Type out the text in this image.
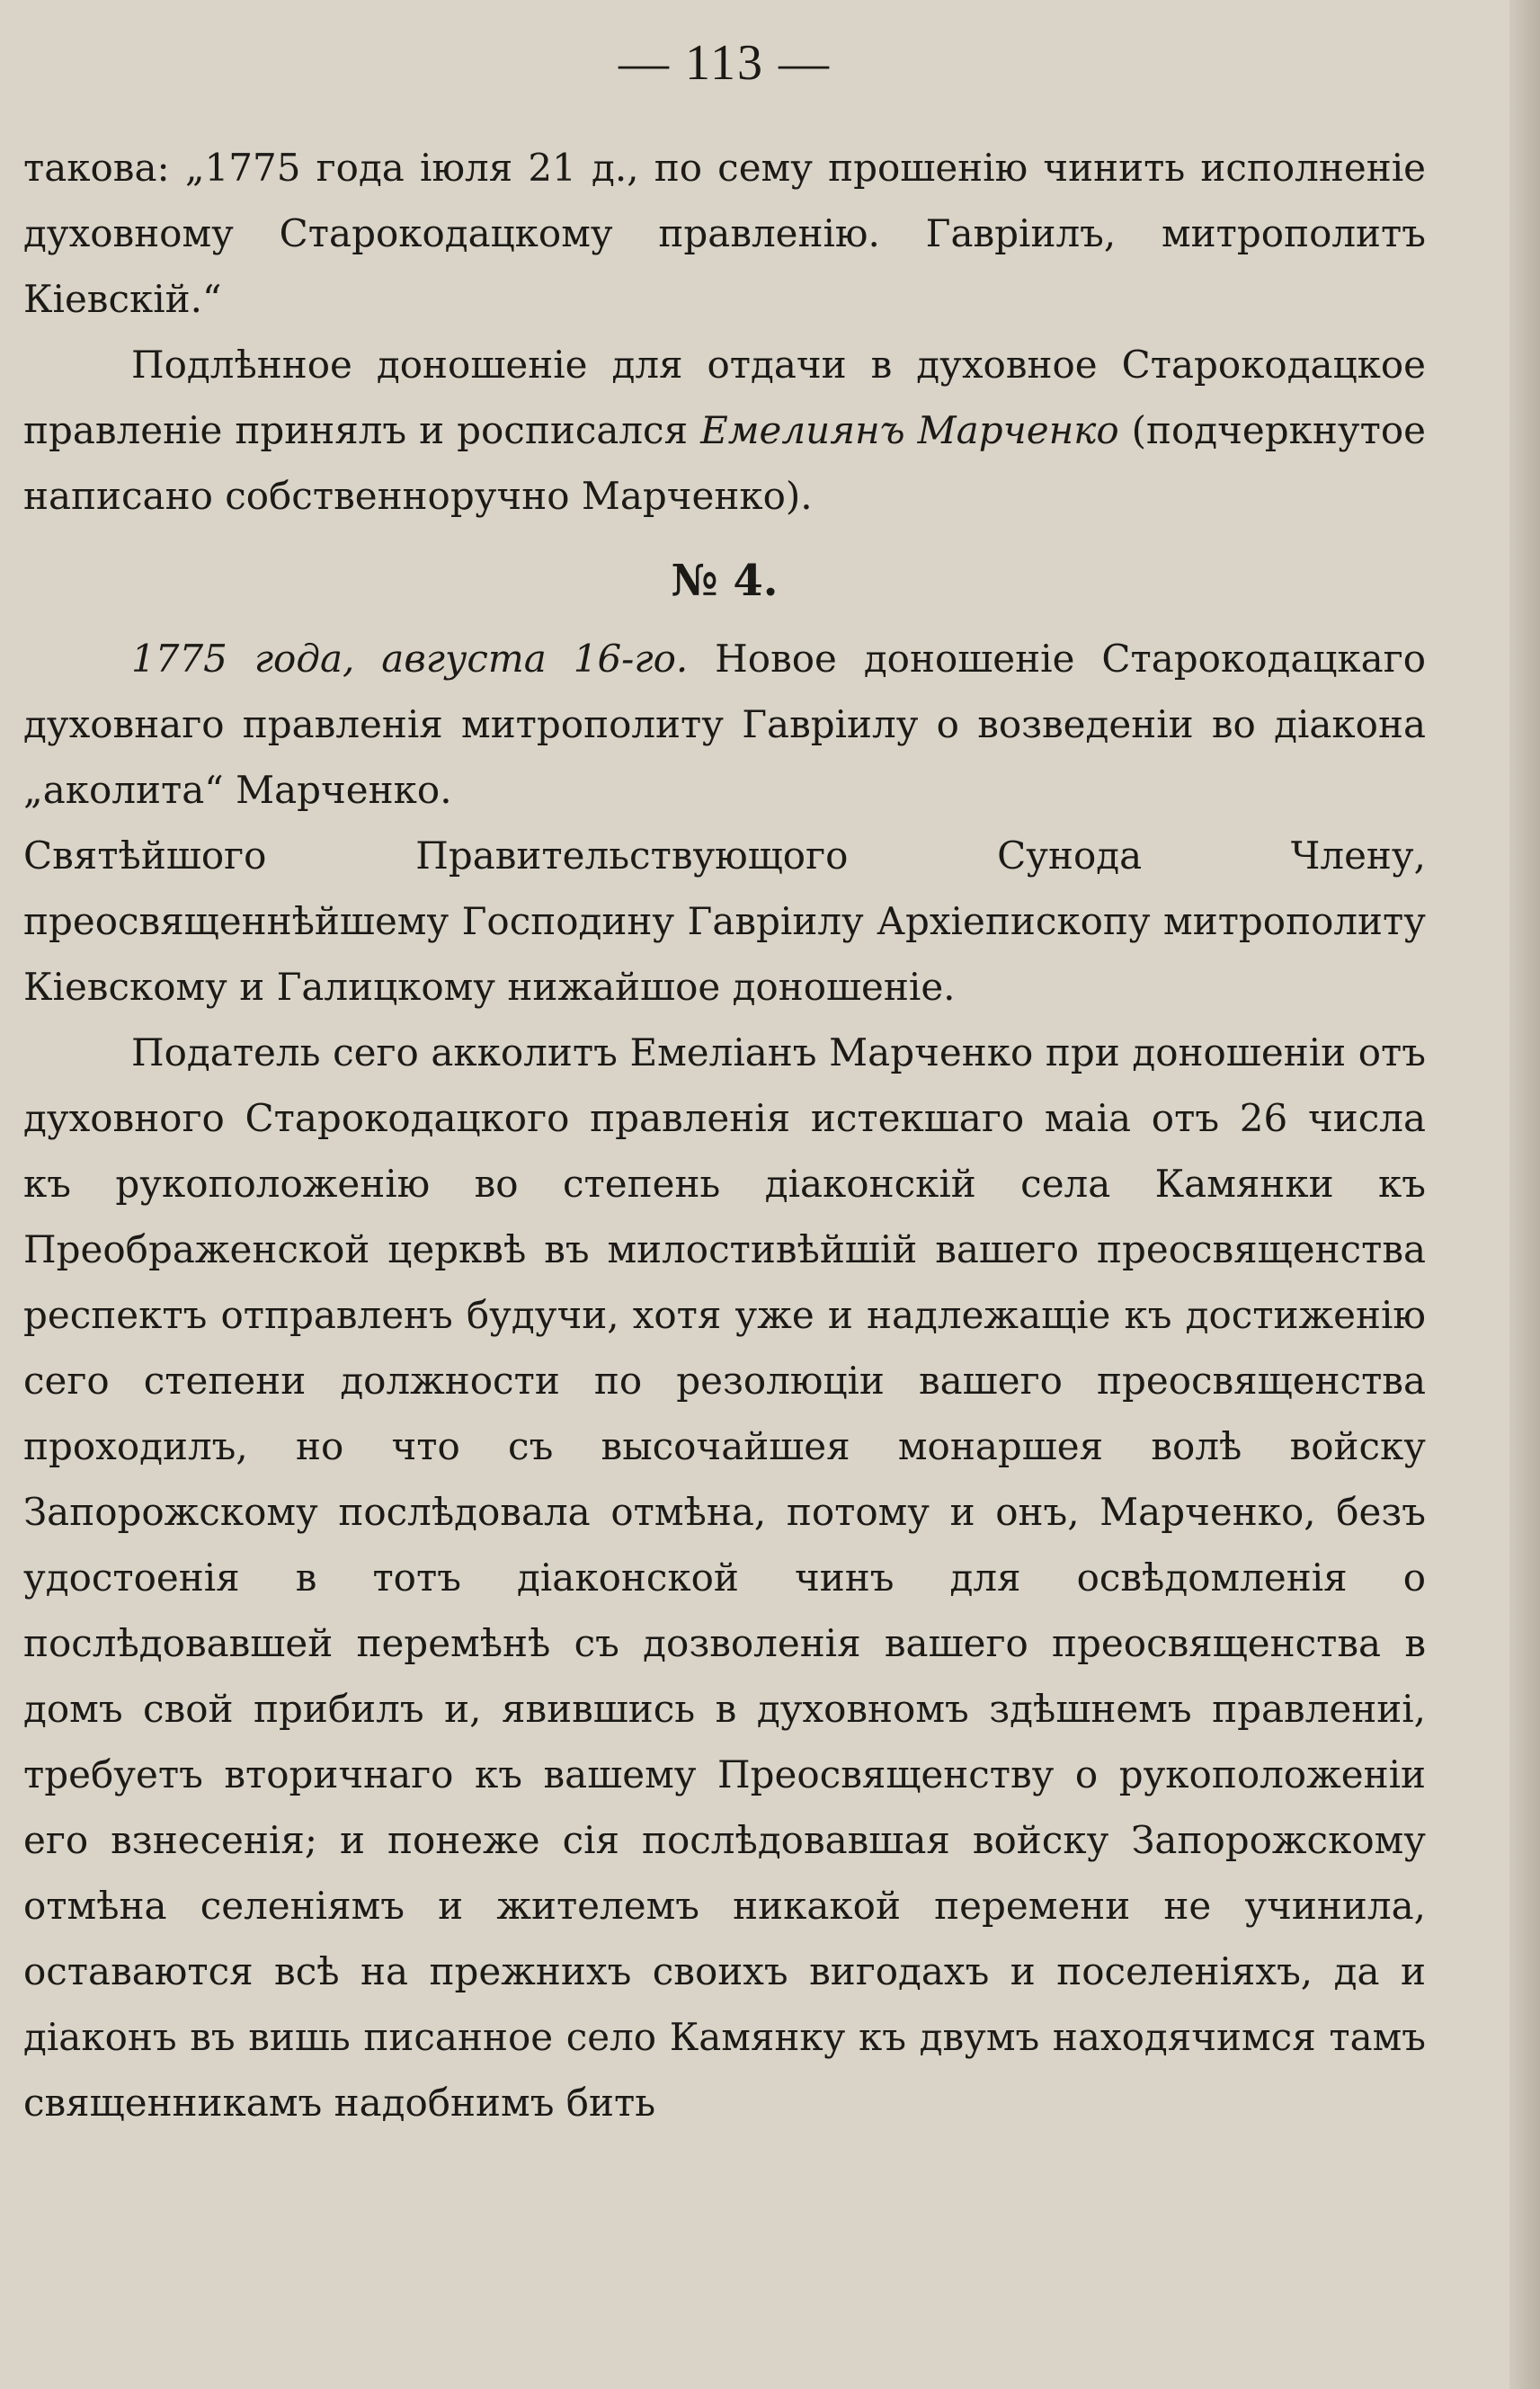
— 113 —

такова: „1775 года іюля 21 д., по сему прошенію чинить исполненіе духовному Старокодацкому правленію. Гавріилъ, митрополитъ Кіевскій.“

Подлѣнное доношеніе для отдачи в духовное Старокодацкое правленіе принялъ и росписался Емелиянъ Марченко (подчеркнутое написано собственноручно Марченко).

№ 4.

1775 года, августа 16-го. Новое доношеніе Старокодацкаго духовнаго правленія митрополиту Гавріилу о возведеніи во діакона „аколита“ Марченко.

Святѣйшого Правительствующого Сунода Члену, преосвященнѣйшему Господину Гавріилу Архіепископу митрополиту Кіевскому и Галицкому нижайшое доношеніе.

Податель сего акколитъ Емеліанъ Марченко при доношеніи отъ духовного Старокодацкого правленія истекшаго маіа отъ 26 числа къ рукоположенію во степень діаконскій села Камянки къ Преображенской церквѣ въ милостивѣйшій вашего преосвященства респектъ отправленъ будучи, хотя уже и надлежащіе къ достиженію сего степени должности по резолюціи вашего преосвященства проходилъ, но что съ высочайшея монаршея волѣ войску Запорожскому послѣдовала отмѣна, потому и онъ, Марченко, безъ удостоенія в тотъ діаконской чинъ для освѣдомленія о послѣдовавшей перемѣнѣ съ дозволенія вашего преосвященства в домъ свой прибилъ и, явившись в духовномъ здѣшнемъ правлениі, требуетъ вторичнаго къ вашему Преосвященству о рукоположеніи его взнесенія; и понеже сія послѣдовавшая войску Запорожскому отмѣна селеніямъ и жителемъ никакой перемени не учинила, оставаются всѣ на прежнихъ своихъ вигодахъ и поселеніяхъ, да и діаконъ въ вишь писанное село Камянку къ двумъ находячимся тамъ священникамъ надобнимъ бить
